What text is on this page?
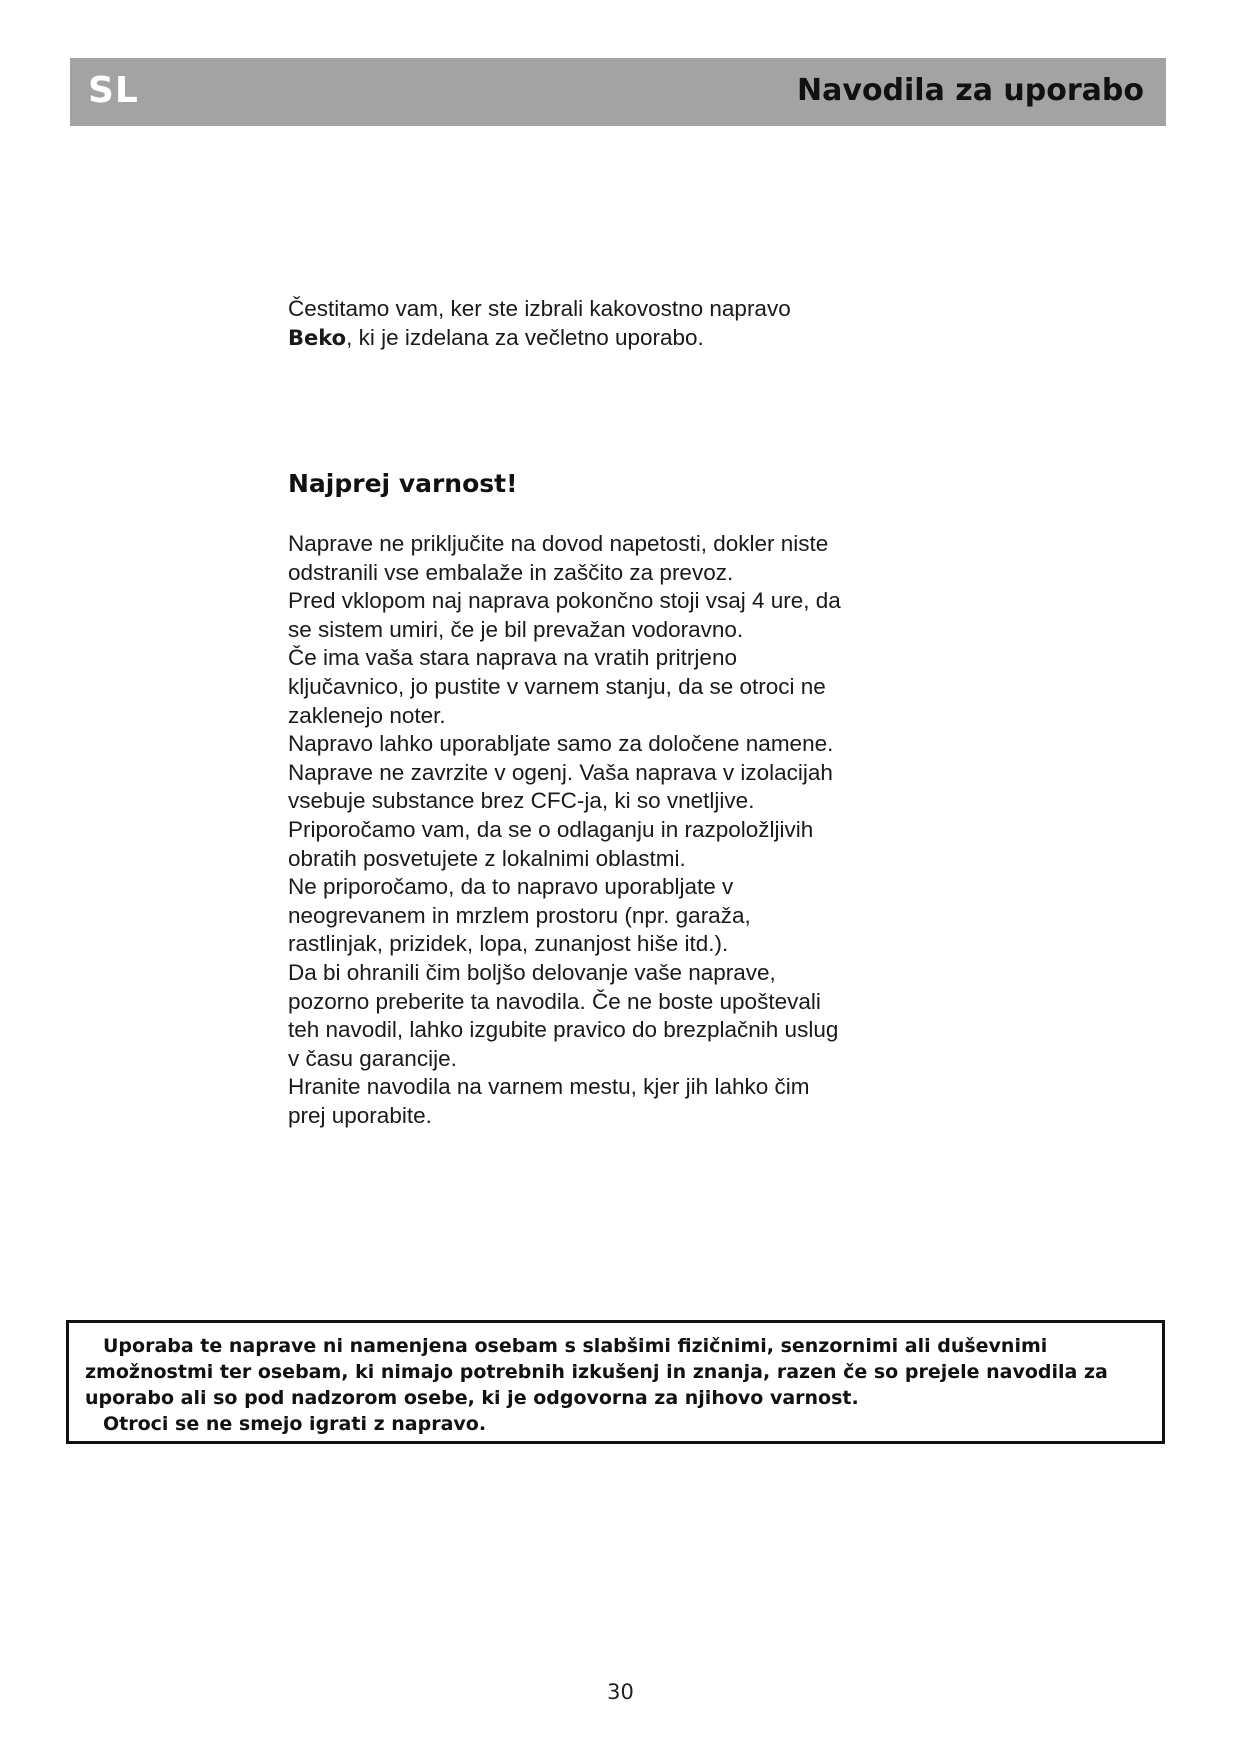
SL	Navodila za uporabo

Čestitamo vam, ker ste izbrali kakovostno napravo

Beko, ki je izdelana za večletno uporabo.

Najprej varnost!
Naprave ne priključite na dovod napetosti, dokler niste
odstranili vse embalaže in zaščito za prevoz.
Pred vklopom naj naprava pokončno stoji vsaj 4 ure, da
se sistem umiri, če je bil prevažan vodoravno.
Če ima vaša stara naprava na vratih pritrjeno
ključavnico, jo pustite v varnem stanju, da se otroci ne
zaklenejo noter.
Napravo lahko uporabljate samo za določene namene.
Naprave ne zavrzite v ogenj. Vaša naprava v izolacijah
vsebuje substance brez CFC-ja, ki so vnetljive.
Priporočamo vam, da se o odlaganju in razpoložljivih
obratih posvetujete z lokalnimi oblastmi.
Ne priporočamo, da to napravo uporabljate v
neogrevanem in mrzlem prostoru (npr. garaža,
rastlinjak, prizidek, lopa, zunanjost hiše itd.).
Da bi ohranili čim boljšo delovanje vaše naprave,
pozorno preberite ta navodila. Če ne boste upoštevali
teh navodil, lahko izgubite pravico do brezplačnih uslug
v času garancije.
Hranite navodila na varnem mestu, kjer jih lahko čim
prej uporabite.
Uporaba te naprave ni namenjena osebam s slabšimi fizičnimi, senzornimi ali duševnimi
zmožnostmi ter osebam, ki nimajo potrebnih izkušenj in znanja, razen če so prejele navodila za
uporabo ali so pod nadzorom osebe, ki je odgovorna za njihovo varnost.
Otroci se ne smejo igrati z napravo.
30
